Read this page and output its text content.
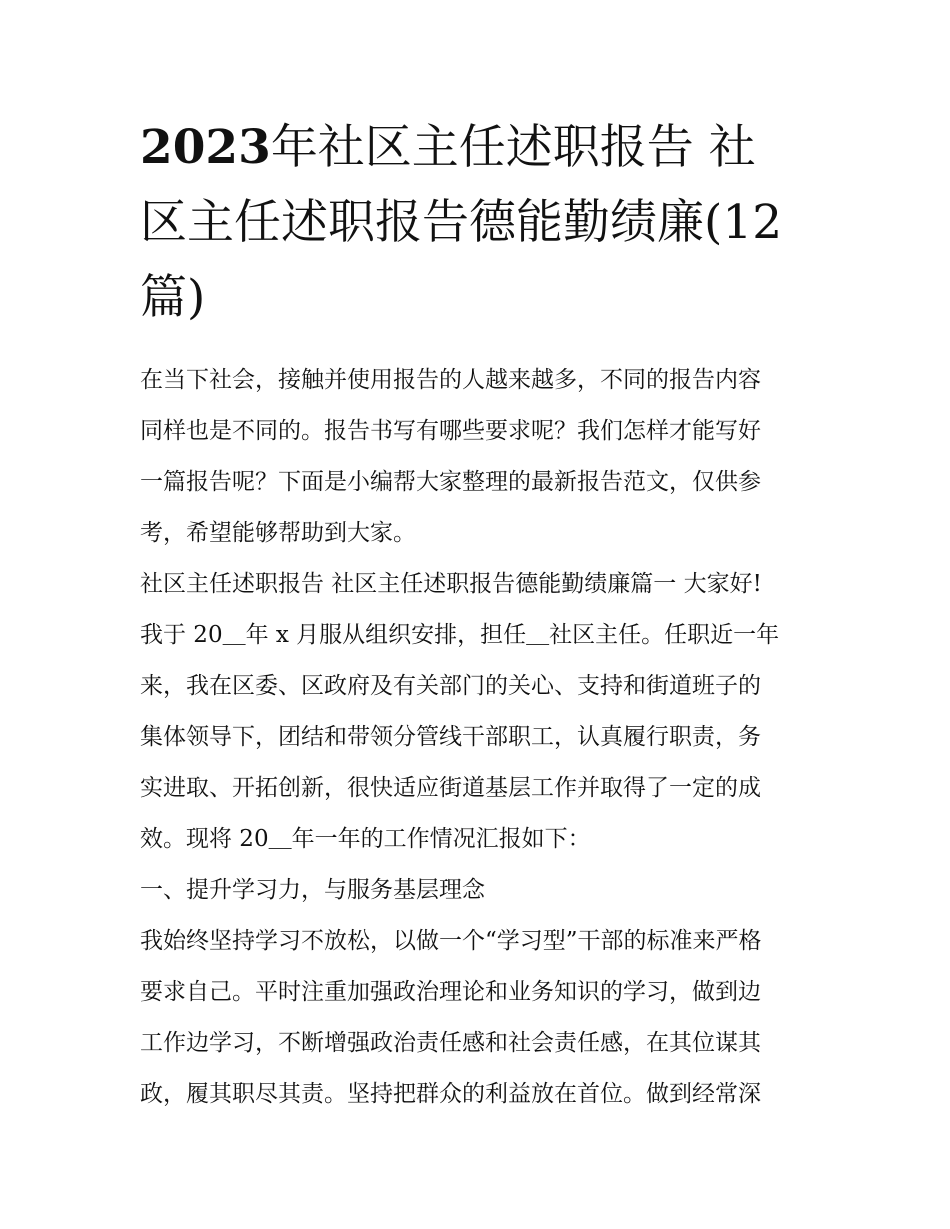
2023年社区主任述职报告 社
区主任述职报告德能勤绩廉(12
篇)

在当下社会，接触并使用报告的人越来越多，不同的报告内容

同样也是不同的。报告书写有哪些要求呢？我们怎样才能写好

一篇报告呢？下面是小编帮大家整理的最新报告范文，仅供参

考，希望能够帮助到大家。

社区主任述职报告 社区主任述职报告德能勤绩廉篇一 大家好!

我于 20＿年 x 月服从组织安排，担任＿社区主任。任职近一年

来，我在区委、区政府及有关部门的关心、支持和街道班子的

集体领导下，团结和带领分管线干部职工，认真履行职责，务

实进取、开拓创新，很快适应街道基层工作并取得了一定的成

效。现将 20＿年一年的工作情况汇报如下：

一、提升学习力，与服务基层理念

我始终坚持学习不放松，以做一个“学习型”干部的标准来严格

要求自己。平时注重加强政治理论和业务知识的学习，做到边

工作边学习，不断增强政治责任感和社会责任感，在其位谋其

政，履其职尽其责。坚持把群众的利益放在首位。做到经常深
